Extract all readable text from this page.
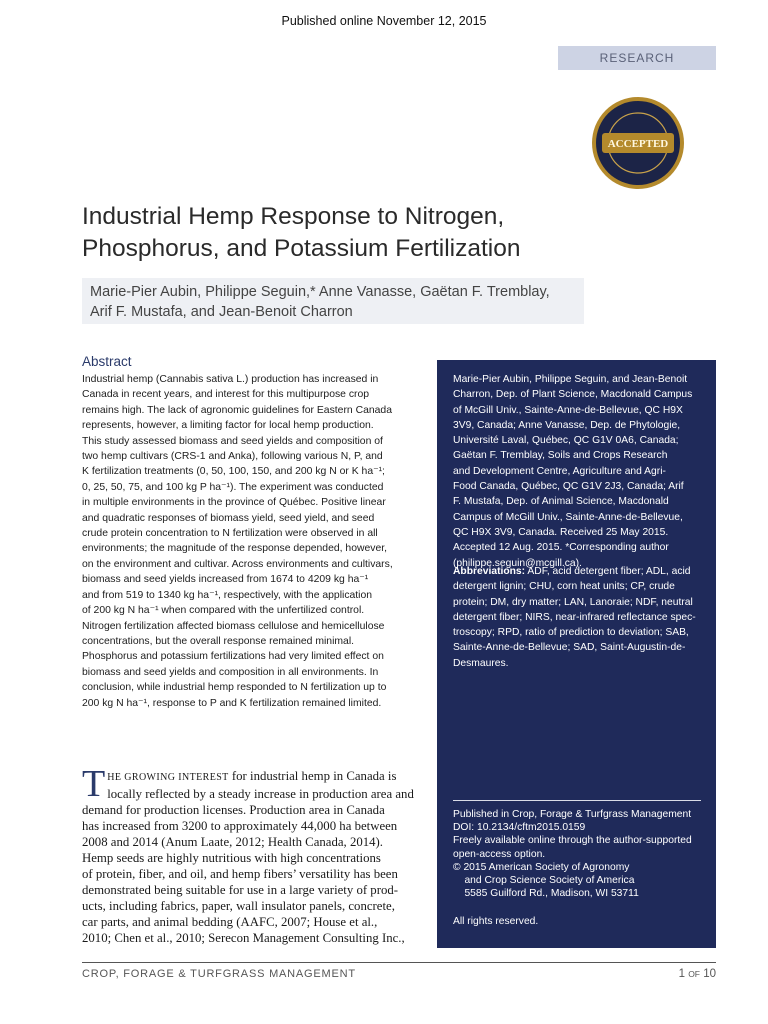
Published online November 12, 2015
RESEARCH
ACCEPTED
Industrial Hemp Response to Nitrogen,
Phosphorus, and Potassium Fertilization
Marie-Pier Aubin, Philippe Seguin,* Anne Vanasse, Gaëtan F. Tremblay,
Arif F. Mustafa, and Jean-Benoit Charron
Abstract
Industrial hemp (Cannabis sativa L.) production has increased in
Canada in recent years, and interest for this multipurpose crop
remains high. The lack of agronomic guidelines for Eastern Canada
represents, however, a limiting factor for local hemp production.
This study assessed biomass and seed yields and composition of
two hemp cultivars (CRS-1 and Anka), following various N, P, and
K fertilization treatments (0, 50, 100, 150, and 200 kg N or K ha⁻¹;
0, 25, 50, 75, and 100 kg P ha⁻¹). The experiment was conducted
in multiple environments in the province of Québec. Positive linear
and quadratic responses of biomass yield, seed yield, and seed
crude protein concentration to N fertilization were observed in all
environments; the magnitude of the response depended, however,
on the environment and cultivar. Across environments and cultivars,
biomass and seed yields increased from 1674 to 4209 kg ha⁻¹
and from 519 to 1340 kg ha⁻¹, respectively, with the application
of 200 kg N ha⁻¹ when compared with the unfertilized control.
Nitrogen fertilization affected biomass cellulose and hemicellulose
concentrations, but the overall response remained minimal.
Phosphorus and potassium fertilizations had very limited effect on
biomass and seed yields and composition in all environments. In
conclusion, while industrial hemp responded to N fertilization up to
200 kg N ha⁻¹, response to P and K fertilization remained limited.
Marie-Pier Aubin, Philippe Seguin, and Jean-Benoit
Charron, Dep. of Plant Science, Macdonald Campus
of McGill Univ., Sainte-Anne-de-Bellevue, QC H9X
3V9, Canada; Anne Vanasse, Dep. de Phytologie,
Université Laval, Québec, QC G1V 0A6, Canada;
Gaëtan F. Tremblay, Soils and Crops Research
and Development Centre, Agriculture and Agri-
Food Canada, Québec, QC G1V 2J3, Canada; Arif
F. Mustafa, Dep. of Animal Science, Macdonald
Campus of McGill Univ., Sainte-Anne-de-Bellevue,
QC H9X 3V9, Canada. Received 25 May 2015.
Accepted 12 Aug. 2015. *Corresponding author
(philippe.seguin@mcgill.ca).
Abbreviations: ADF, acid detergent fiber; ADL, acid
detergent lignin; CHU, corn heat units; CP, crude
protein; DM, dry matter; LAN, Lanoraie; NDF, neutral
detergent fiber; NIRS, near-infrared reflectance spec-
troscopy; RPD, ratio of prediction to deviation; SAB,
Sainte-Anne-de-Bellevue; SAD, Saint-Augustin-de-
Desmaures.
Published in Crop, Forage & Turfgrass Management
DOI: 10.2134/cftm2015.0159
Freely available online through the author-supported
open-access option.
© 2015 American Society of Agronomy
and Crop Science Society of America
5585 Guilford Rd., Madison, WI 53711
All rights reserved.
T HE GROWING INTEREST for industrial hemp in Canada is
locally reflected by a steady increase in production area and
demand for production licenses. Production area in Canada
has increased from 3200 to approximately 44,000 ha between
2008 and 2014 (Anum Laate, 2012; Health Canada, 2014).
Hemp seeds are highly nutritious with high concentrations
of protein, fiber, and oil, and hemp fibers’ versatility has been
demonstrated being suitable for use in a large variety of prod-
ucts, including fabrics, paper, wall insulator panels, concrete,
car parts, and animal bedding (AAFC, 2007; House et al.,
2010; Chen et al., 2010; Serecon Management Consulting Inc.,
CROP, FORAGE & TURFGRASS MANAGEMENT	1 OF 10
